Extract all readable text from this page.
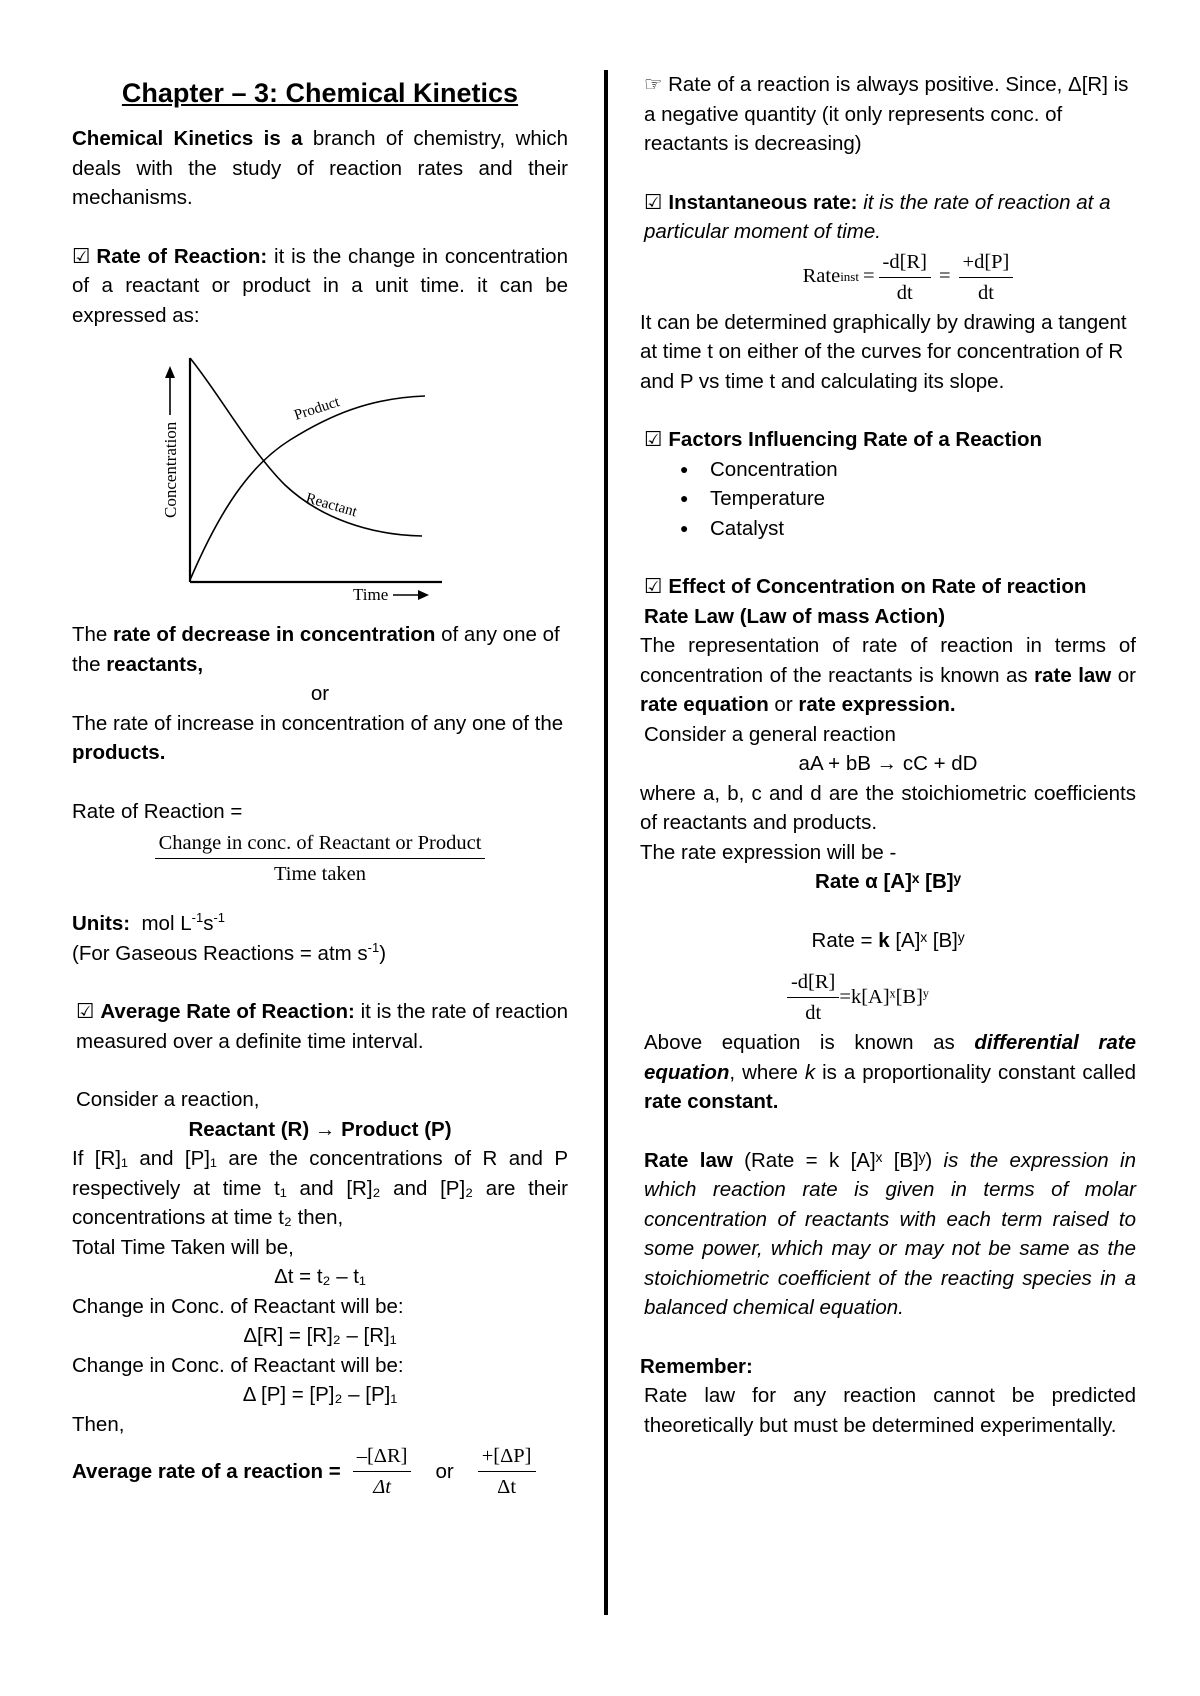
Chapter – 3: Chemical Kinetics

Chemical Kinetics is a branch of chemistry, which deals with the study of reaction rates and their mechanisms.

☑ Rate of Reaction: it is the change in concentration of a reactant or product in a unit time. it can be expressed as:

Concentration
Time
Product
Reactant

The rate of decrease in concentration of any one of the reactants,

or

The rate of increase in concentration of any one of the products.

Rate of Reaction =

$\frac{\text{Change in conc. of Reactant or Product}}{\text{Time taken}}$

Units: mol $L^{-1}s^{-1}$

(For Gaseous Reactions = atm $s^{-1}$)

☑ Average Rate of Reaction: it is the rate of reaction measured over a definite time interval.

Consider a reaction,

Reactant (R) → Product (P)

If [R]₁ and [P]₁ are the concentrations of R and P respectively at time t₁ and [R]₂ and [P]₂ are their concentrations at time t₂ then,

Total Time Taken will be,

Δt = t₂ – t₁

Change in Conc. of Reactant will be:

Δ[R] = [R]₂ – [R]₁

Change in Conc. of Reactant will be:

Δ [P] = [P]₂ – [P]₁

Then,

Average rate of a reaction = $\frac{-[\Delta R]}{\Delta t}$ or $\frac{+[\Delta P]}{\Delta t}$

☞ Rate of a reaction is always positive. Since, Δ[R] is a negative quantity (it only represents conc. of reactants is decreasing)

☑ Instantaneous rate: it is the rate of reaction at a particular moment of time.

Rate inst = $\frac{-d[R]}{dt} = \frac{+d[P]}{dt}$

It can be determined graphically by drawing a tangent at time t on either of the curves for concentration of R and P vs time t and calculating its slope.

☑ Factors Influencing Rate of a Reaction

● Concentration
● Temperature
● Catalyst

☑ Effect of Concentration on Rate of reaction

Rate Law (Law of mass Action)

The representation of rate of reaction in terms of concentration of the reactants is known as rate law or rate equation or rate expression.

Consider a general reaction

aA + bB → cC + dD

where a, b, c and d are the stoichiometric coefficients of reactants and products.

The rate expression will be -

Rate α [A]ˣ [B]ʸ

Rate = k [A]ˣ [B]ʸ

$\frac{-d[R]}{dt}$ =k[A]ˣ[B]ʸ

Above equation is known as differential rate equation, where k is a proportionality constant called rate constant.

Rate law (Rate = k [A]ˣ [B]ʸ) is the expression in which reaction rate is given in terms of molar concentration of reactants with each term raised to some power, which may or may not be same as the stoichiometric coefficient of the reacting species in a balanced chemical equation.

Remember:

Rate law for any reaction cannot be predicted theoretically but must be determined experimentally.
